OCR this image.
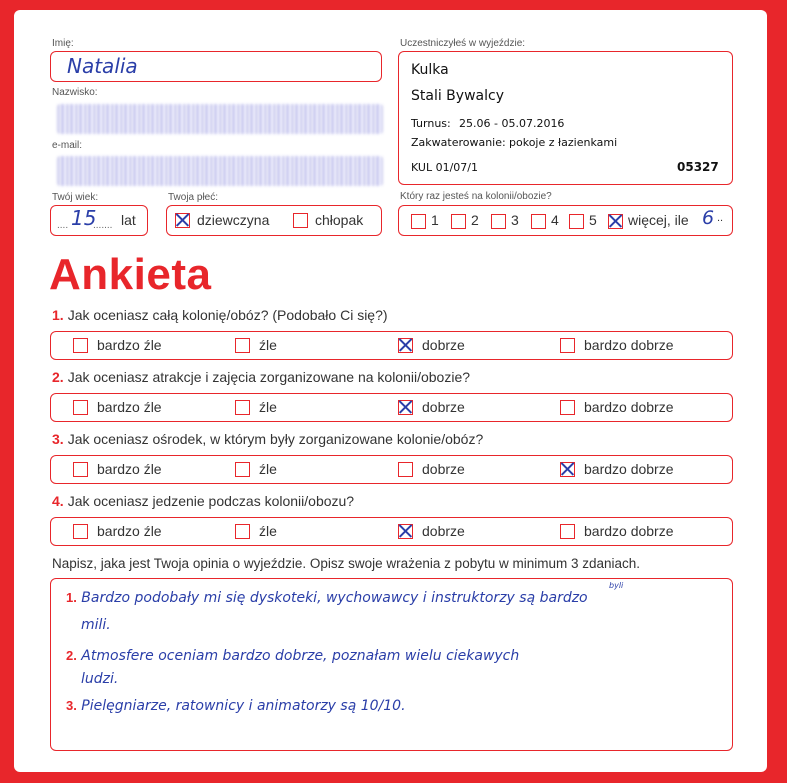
Imię:
Natalia
Nazwisko:
e-mail:
Twój wiek:
.... 15
....... lat
Twoja płeć:
dziewczyna	chłopak
Uczestniczyłeś w wyjeździe:
Kulka
Stali Bywalcy
Turnus: 25.06 - 05.07.2016
Zakwaterowanie: pokoje z łazienkami
KUL 01/07/1	05327
Który raz jesteś na kolonii/obozie?
1 2 3 4 5 więcej, ile 6 ..
Ankieta
1. Jak oceniasz całą kolonię/obóz? (Podobało Ci się?)
bardzo źle	źle	dobrze	bardzo dobrze
2. Jak oceniasz atrakcje i zajęcia zorganizowane na kolonii/obozie?
bardzo źle	źle	dobrze	bardzo dobrze
3. Jak oceniasz ośrodek, w którym były zorganizowane kolonie/obóz?
bardzo źle	źle	dobrze	bardzo dobrze
4. Jak oceniasz jedzenie podczas kolonii/obozu?
bardzo źle	źle	dobrze	bardzo dobrze
Napisz, jaka jest Twoja opinia o wyjeździe. Opisz swoje wrażenia z pobytu w minimum 3 zdaniach.
1. Bardzo podobały mi się dyskoteki, wychowawcy i instruktorzy są bardzo
byli
mili.
2. Atmosfere oceniam bardzo dobrze, poznałam wielu ciekawych
ludzi.
3. Pielęgniarze, ratownicy i animatorzy są 10/10.
